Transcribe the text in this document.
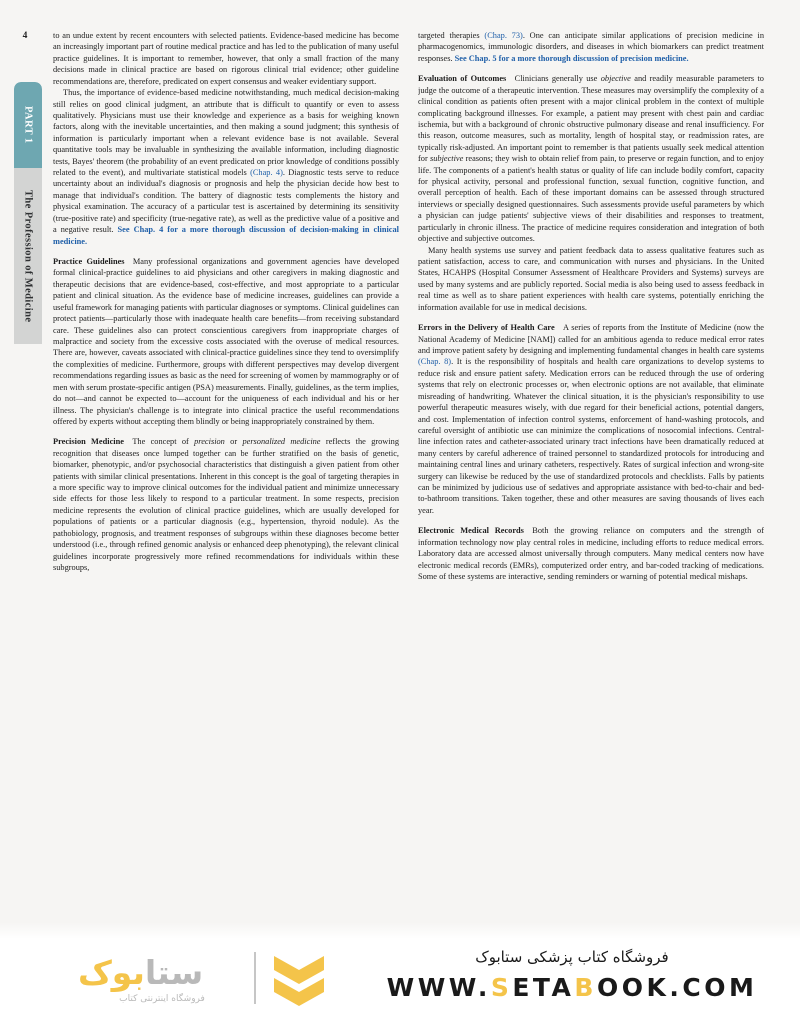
4
PART 1
The Profession of Medicine

to an undue extent by recent encounters with selected patients. Evidence-based medicine has become an increasingly important part of routine medical practice and has led to the publication of many useful practice guidelines. It is important to remember, however, that only a small fraction of the many decisions made in clinical practice are based on rigorous clinical trial evidence; other guideline recommendations are, therefore, predicated on expert consensus and weaker evidentiary support.

Thus, the importance of evidence-based medicine notwithstanding, much medical decision-making still relies on good clinical judgment, an attribute that is difficult to quantify or even to assess qualitatively. Physicians must use their knowledge and experience as a basis for weighing known factors, along with the inevitable uncertainties, and then making a sound judgment; this synthesis of information is particularly important when a relevant evidence base is not available. Several quantitative tools may be invaluable in synthesizing the available information, including diagnostic tests, Bayes' theorem (the probability of an event predicated on prior knowledge of conditions possibly related to the event), and multivariate statistical models (Chap. 4). Diagnostic tests serve to reduce uncertainty about an individual's diagnosis or prognosis and help the physician decide how best to manage that individual's condition. The battery of diagnostic tests complements the history and physical examination. The accuracy of a particular test is ascertained by determining its sensitivity (true-positive rate) and specificity (true-negative rate), as well as the predictive value of a positive and a negative result. See Chap. 4 for a more thorough discussion of decision-making in clinical medicine.

Practice Guidelines Many professional organizations and government agencies have developed formal clinical-practice guidelines to aid physicians and other caregivers in making diagnostic and therapeutic decisions that are evidence-based, cost-effective, and most appropriate to a particular patient and clinical situation. As the evidence base of medicine increases, guidelines can provide a useful framework for managing patients with particular diagnoses or symptoms. Clinical guidelines can protect patients—particularly those with inadequate health care benefits—from receiving substandard care. These guidelines also can protect conscientious caregivers from inappropriate charges of malpractice and society from the excessive costs associated with the overuse of medical resources. There are, however, caveats associated with clinical-practice guidelines since they tend to oversimplify the complexities of medicine. Furthermore, groups with different perspectives may develop divergent recommendations regarding issues as basic as the need for screening of women by mammography or of men with serum prostate-specific antigen (PSA) measurements. Finally, guidelines, as the term implies, do not—and cannot be expected to—account for the uniqueness of each individual and his or her illness. The physician's challenge is to integrate into clinical practice the useful recommendations offered by experts without accepting them blindly or being inappropriately constrained by them.

Precision Medicine The concept of precision or personalized medicine reflects the growing recognition that diseases once lumped together can be further stratified on the basis of genetic, biomarker, phenotypic, and/or psychosocial characteristics that distinguish a given patient from other patients with similar clinical presentations. Inherent in this concept is the goal of targeting therapies in a more specific way to improve clinical outcomes for the individual patient and minimize unnecessary side effects for those less likely to respond to a particular treatment. In some respects, precision medicine represents the evolution of clinical practice guidelines, which are usually developed for populations of patients or a particular diagnosis (e.g., hypertension, thyroid nodule). As the pathobiology, prognosis, and treatment responses of subgroups within these diagnoses become better understood (i.e., through refined genomic analysis or enhanced deep phenotyping), the relevant clinical guidelines incorporate progressively more refined recommendations for individuals within these subgroups,

targeted therapies (Chap. 73). One can anticipate similar applications of precision medicine in pharmacogenomics, immunologic disorders, and diseases in which biomarkers can predict treatment responses. See Chap. 5 for a more thorough discussion of precision medicine.

Evaluation of Outcomes Clinicians generally use objective and readily measurable parameters to judge the outcome of a therapeutic intervention. These measures may oversimplify the complexity of a clinical condition as patients often present with a major clinical problem in the context of multiple complicating background illnesses. For example, a patient may present with chest pain and cardiac ischemia, but with a background of chronic obstructive pulmonary disease and renal insufficiency. For this reason, outcome measures, such as mortality, length of hospital stay, or readmission rates, are typically risk-adjusted. An important point to remember is that patients usually seek medical attention for subjective reasons; they wish to obtain relief from pain, to preserve or regain function, and to enjoy life. The components of a patient's health status or quality of life can include bodily comfort, capacity for physical activity, personal and professional function, sexual function, cognitive function, and overall perception of health. Each of these important domains can be assessed through structured interviews or specially designed questionnaires. Such assessments provide useful parameters by which a physician can judge patients' subjective views of their disabilities and responses to treatment, particularly in chronic illness. The practice of medicine requires consideration and integration of both objective and subjective outcomes.

Many health systems use survey and patient feedback data to assess qualitative features such as patient satisfaction, access to care, and communication with nurses and physicians. In the United States, HCAHPS (Hospital Consumer Assessment of Healthcare Providers and Systems) surveys are used by many systems and are publicly reported. Social media is also being used to assess feedback in real time as well as to share patient experiences with health care systems, potentially enriching the information available for use in medical decisions.

Errors in the Delivery of Health Care A series of reports from the Institute of Medicine (now the National Academy of Medicine [NAM]) called for an ambitious agenda to reduce medical error rates and improve patient safety by designing and implementing fundamental changes in health care systems (Chap. 8). It is the responsibility of hospitals and health care organizations to develop systems to reduce risk and ensure patient safety. Medication errors can be reduced through the use of ordering systems that rely on electronic processes or, when electronic options are not available, that eliminate misreading of handwriting. Whatever the clinical situation, it is the physician's responsibility to use powerful therapeutic measures wisely, with due regard for their beneficial actions, potential dangers, and cost. Implementation of infection control systems, enforcement of hand-washing protocols, and careful oversight of antibiotic use can minimize the complications of nosocomial infections. Central-line infection rates and catheter-associated urinary tract infections have been dramatically reduced at many centers by careful adherence of trained personnel to standardized protocols for introducing and maintaining central lines and urinary catheters, respectively. Rates of surgical infection and wrong-site surgery can likewise be reduced by the use of standardized protocols and checklists. Falls by patients can be minimized by judicious use of sedatives and appropriate assistance with bed-to-chair and bed-to-bathroom transitions. Taken together, these and other measures are saving thousands of lives each year.

Electronic Medical Records Both the growing reliance on computers and the strength of information technology now play central roles in medicine, including efforts to reduce medical errors. Laboratory data are accessed almost universally through computers. Many medical centers now have electronic medical records (EMRs), computerized order entry, and bar-coded tracking of medications. Some of these systems are interactive, sending reminders or warning of potential medical mishaps.

ستا
بوک
فروشگاه اینترنتی کتاب
فروشگاه کتاب پزشکی ستابوک
WWW.SETABOOK.COM
